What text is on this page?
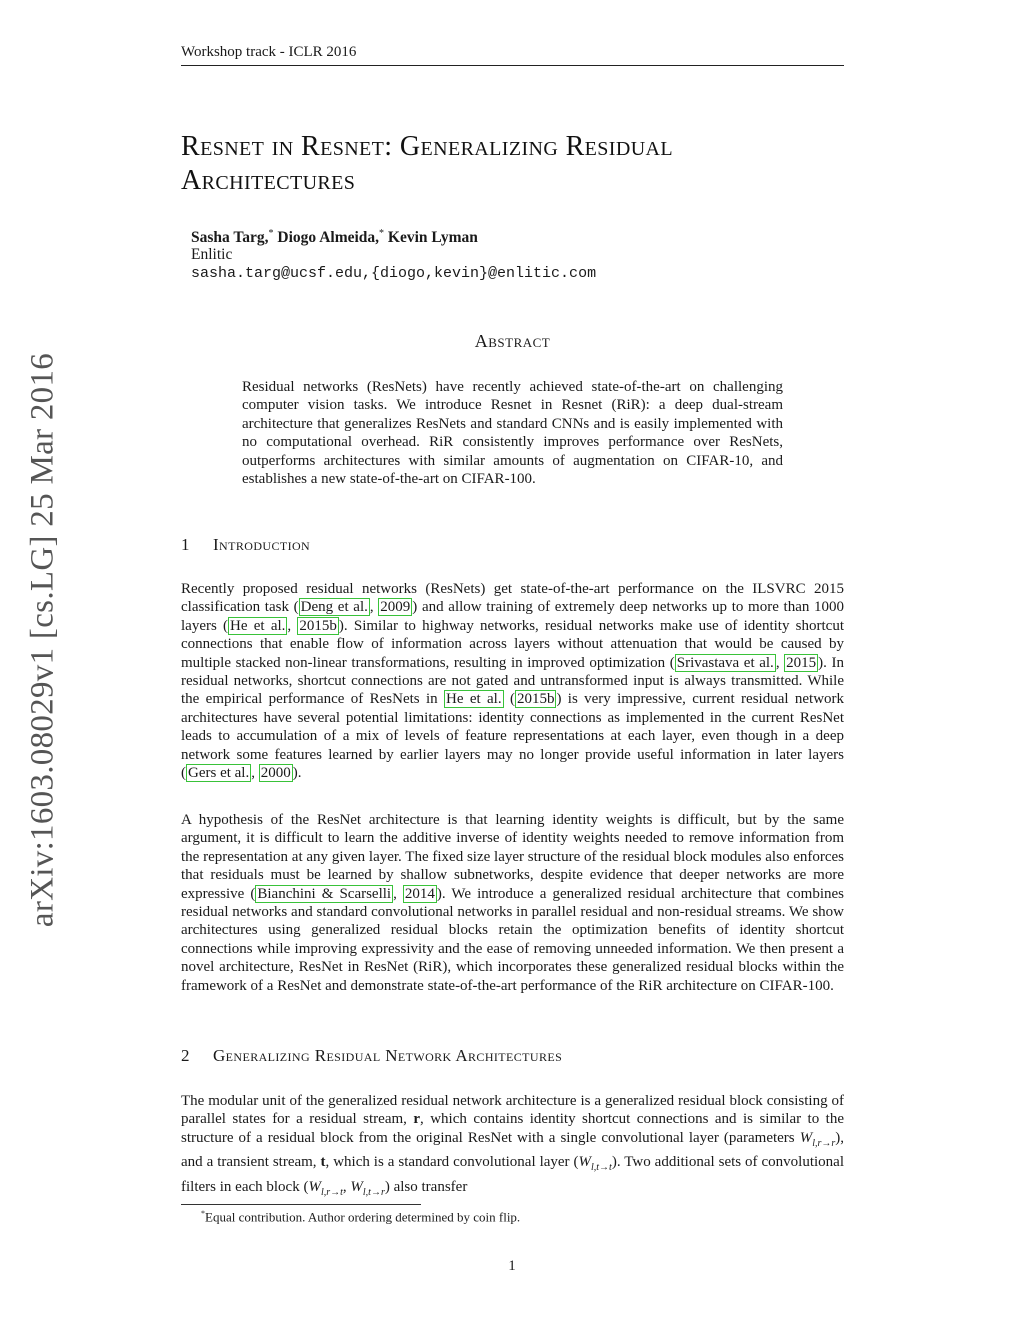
Workshop track - ICLR 2016
arXiv:1603.08029v1 [cs.LG] 25 Mar 2016
Resnet in Resnet: Generalizing Residual Architectures
Sasha Targ,* Diogo Almeida,* Kevin Lyman
Enlitic
sasha.targ@ucsf.edu,{diogo,kevin}@enlitic.com
Abstract
Residual networks (ResNets) have recently achieved state-of-the-art on challenging computer vision tasks. We introduce Resnet in Resnet (RiR): a deep dual-stream architecture that generalizes ResNets and standard CNNs and is easily implemented with no computational overhead. RiR consistently improves performance over ResNets, outperforms architectures with similar amounts of augmentation on CIFAR-10, and establishes a new state-of-the-art on CIFAR-100.
1 Introduction
Recently proposed residual networks (ResNets) get state-of-the-art performance on the ILSVRC 2015 classification task ( Deng et al. , 2009 ) and allow training of extremely deep networks up to more than 1000 layers ( He et al. , 2015b ). Similar to highway networks, residual networks make use of identity shortcut connections that enable flow of information across layers without attenuation that would be caused by multiple stacked non-linear transformations, resulting in improved optimization ( Srivastava et al. , 2015 ). In residual networks, shortcut connections are not gated and untransformed input is always transmitted. While the empirical performance of ResNets in He et al. ( 2015b ) is very impressive, current residual network architectures have several potential limitations: identity connections as implemented in the current ResNet leads to accumulation of a mix of levels of feature representations at each layer, even though in a deep network some features learned by earlier layers may no longer provide useful information in later layers ( Gers et al. , 2000 ).
A hypothesis of the ResNet architecture is that learning identity weights is difficult, but by the same argument, it is difficult to learn the additive inverse of identity weights needed to remove information from the representation at any given layer. The fixed size layer structure of the residual block modules also enforces that residuals must be learned by shallow subnetworks, despite evidence that deeper networks are more expressive ( Bianchini & Scarselli , 2014 ). We introduce a generalized residual architecture that combines residual networks and standard convolutional networks in parallel residual and non-residual streams. We show architectures using generalized residual blocks retain the optimization benefits of identity shortcut connections while improving expressivity and the ease of removing unneeded information. We then present a novel architecture, ResNet in ResNet (RiR), which incorporates these generalized residual blocks within the framework of a ResNet and demonstrate state-of-the-art performance of the RiR architecture on CIFAR-100.
2 Generalizing Residual Network Architectures
The modular unit of the generalized residual network architecture is a generalized residual block consisting of parallel states for a residual stream, r, which contains identity shortcut connections and is similar to the structure of a residual block from the original ResNet with a single convolutional layer (parameters $W_{l,r\to r}$), and a transient stream, t, which is a standard convolutional layer $(W_{l,t\to t})$. Two additional sets of convolutional filters in each block ($W_{l,r\to t}$, $W_{l,t\to r}$) also transfer
*Equal contribution. Author ordering determined by coin flip.
1
